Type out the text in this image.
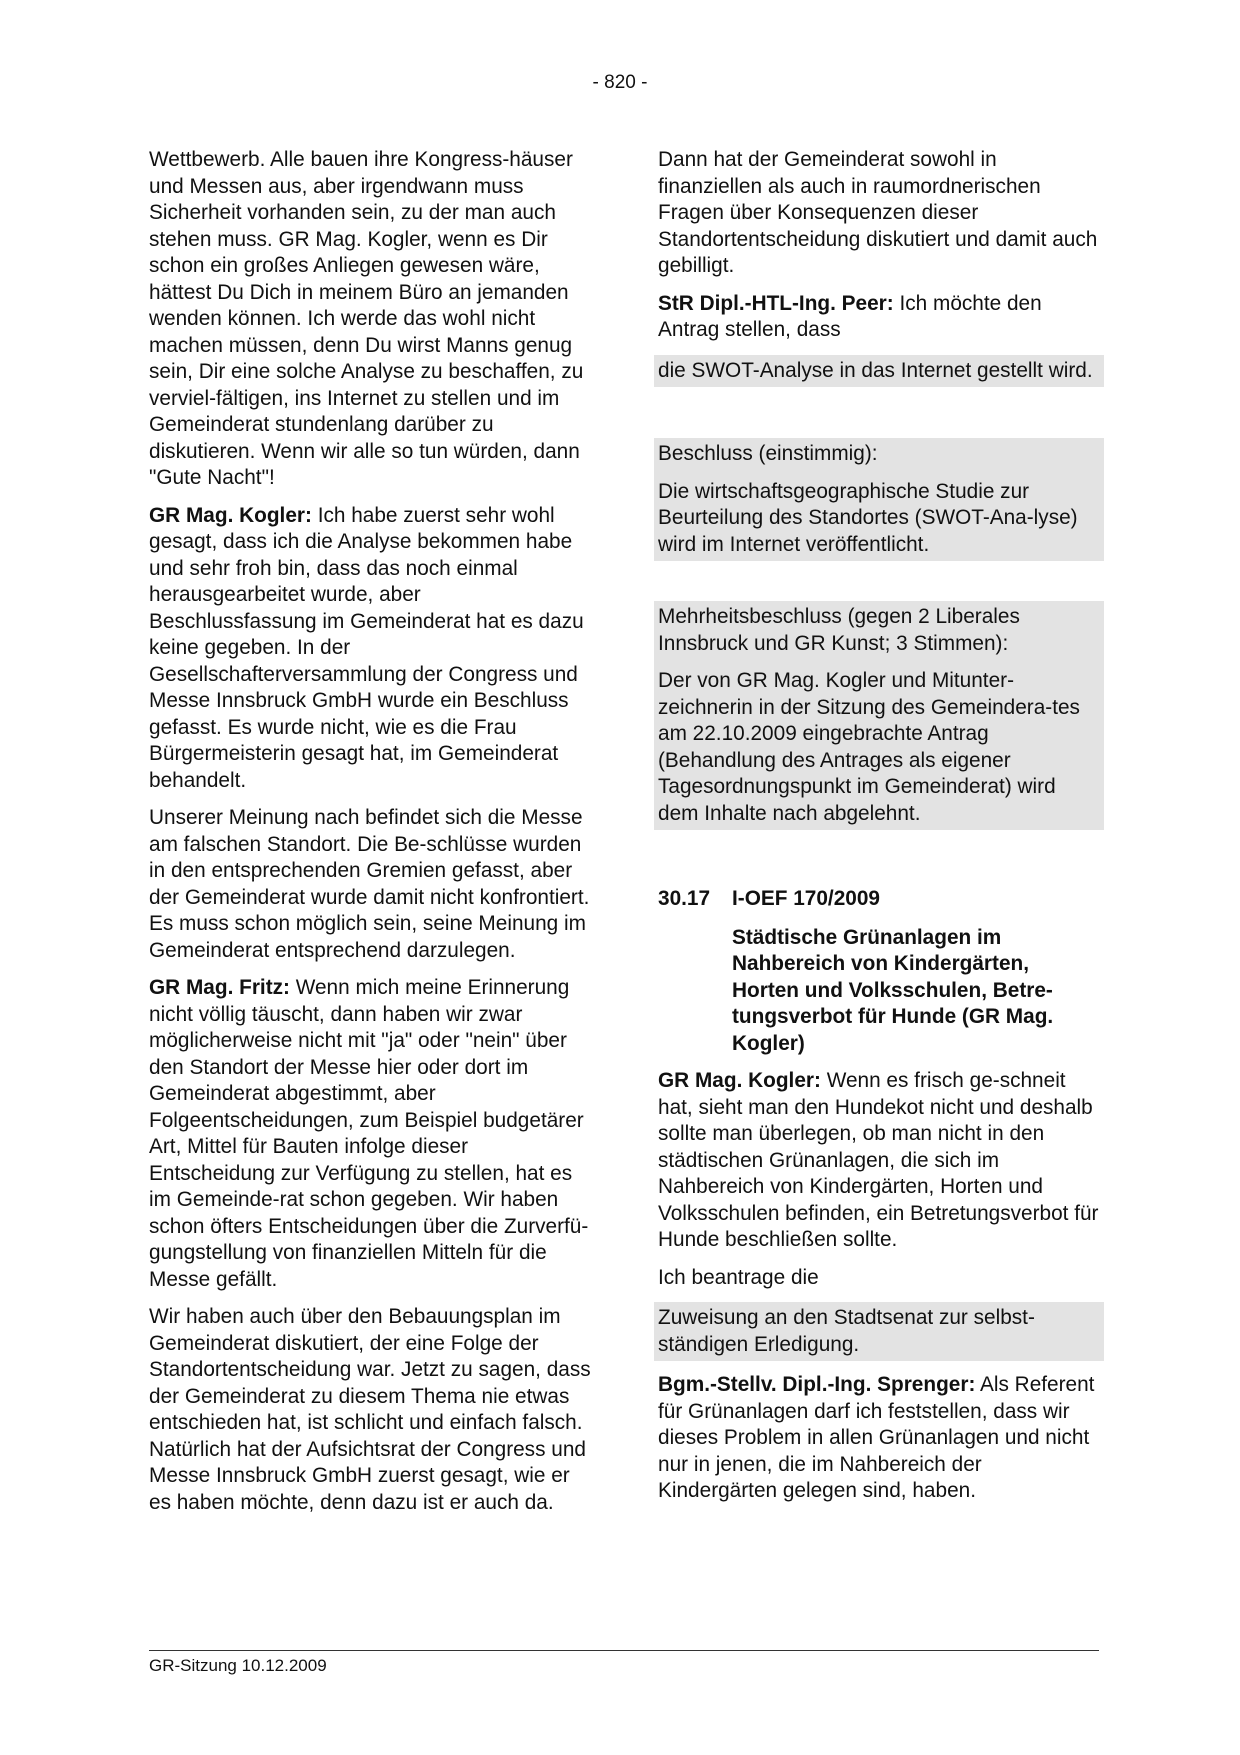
- 820 -

Wettbewerb. Alle bauen ihre Kongress-häuser und Messen aus, aber irgendwann muss Sicherheit vorhanden sein, zu der man auch stehen muss. GR Mag. Kogler, wenn es Dir schon ein großes Anliegen gewesen wäre, hättest Du Dich in meinem Büro an jemanden wenden können. Ich werde das wohl nicht machen müssen, denn Du wirst Manns genug sein, Dir eine solche Analyse zu beschaffen, zu verviel-fältigen, ins Internet zu stellen und im Gemeinderat stundenlang darüber zu diskutieren. Wenn wir alle so tun würden, dann "Gute Nacht"!

GR Mag. Kogler: Ich habe zuerst sehr wohl gesagt, dass ich die Analyse bekommen habe und sehr froh bin, dass das noch einmal herausgearbeitet wurde, aber Beschlussfassung im Gemeinderat hat es dazu keine gegeben. In der Gesellschafterversammlung der Congress und Messe Innsbruck GmbH wurde ein Beschluss gefasst. Es wurde nicht, wie es die Frau Bürgermeisterin gesagt hat, im Gemeinderat behandelt.

Unserer Meinung nach befindet sich die Messe am falschen Standort. Die Be-schlüsse wurden in den entsprechenden Gremien gefasst, aber der Gemeinderat wurde damit nicht konfrontiert. Es muss schon möglich sein, seine Meinung im Gemeinderat entsprechend darzulegen.

GR Mag. Fritz: Wenn mich meine Erinnerung nicht völlig täuscht, dann haben wir zwar möglicherweise nicht mit "ja" oder "nein" über den Standort der Messe hier oder dort im Gemeinderat abgestimmt, aber Folgeentscheidungen, zum Beispiel budgetärer Art, Mittel für Bauten infolge dieser Entscheidung zur Verfügung zu stellen, hat es im Gemeinde-rat schon gegeben. Wir haben schon öfters Entscheidungen über die Zurverfü-gungstellung von finanziellen Mitteln für die Messe gefällt.

Wir haben auch über den Bebauungsplan im Gemeinderat diskutiert, der eine Folge der Standortentscheidung war. Jetzt zu sagen, dass der Gemeinderat zu diesem Thema nie etwas entschieden hat, ist schlicht und einfach falsch. Natürlich hat der Aufsichtsrat der Congress und Messe Innsbruck GmbH zuerst gesagt, wie er es haben möchte, denn dazu ist er auch da.

Dann hat der Gemeinderat sowohl in finanziellen als auch in raumordnerischen Fragen über Konsequenzen dieser Standortentscheidung diskutiert und damit auch gebilligt.

StR Dipl.-HTL-Ing. Peer: Ich möchte den Antrag stellen, dass

die SWOT-Analyse in das Internet gestellt wird.

Beschluss (einstimmig):

Die wirtschaftsgeographische Studie zur Beurteilung des Standortes (SWOT-Ana-lyse) wird im Internet veröffentlicht.

Mehrheitsbeschluss (gegen 2 Liberales Innsbruck und GR Kunst; 3 Stimmen):

Der von GR Mag. Kogler und Mitunter-zeichnerin in der Sitzung des Gemeindera-tes am 22.10.2009 eingebrachte Antrag (Behandlung des Antrages als eigener Tagesordnungspunkt im Gemeinderat) wird dem Inhalte nach abgelehnt.

30.17	I-OEF 170/2009
Städtische Grünanlagen im Nahbereich von Kindergärten, Horten und Volksschulen, Betre-tungsverbot für Hunde (GR Mag. Kogler)

GR Mag. Kogler: Wenn es frisch ge-schneit hat, sieht man den Hundekot nicht und deshalb sollte man überlegen, ob man nicht in den städtischen Grünanlagen, die sich im Nahbereich von Kindergärten, Horten und Volksschulen befinden, ein Betretungsverbot für Hunde beschließen sollte.

Ich beantrage die

Zuweisung an den Stadtsenat zur selbst-ständigen Erledigung.

Bgm.-Stellv. Dipl.-Ing. Sprenger: Als Referent für Grünanlagen darf ich feststellen, dass wir dieses Problem in allen Grünanlagen und nicht nur in jenen, die im Nahbereich der Kindergärten gelegen sind, haben.

GR-Sitzung 10.12.2009
